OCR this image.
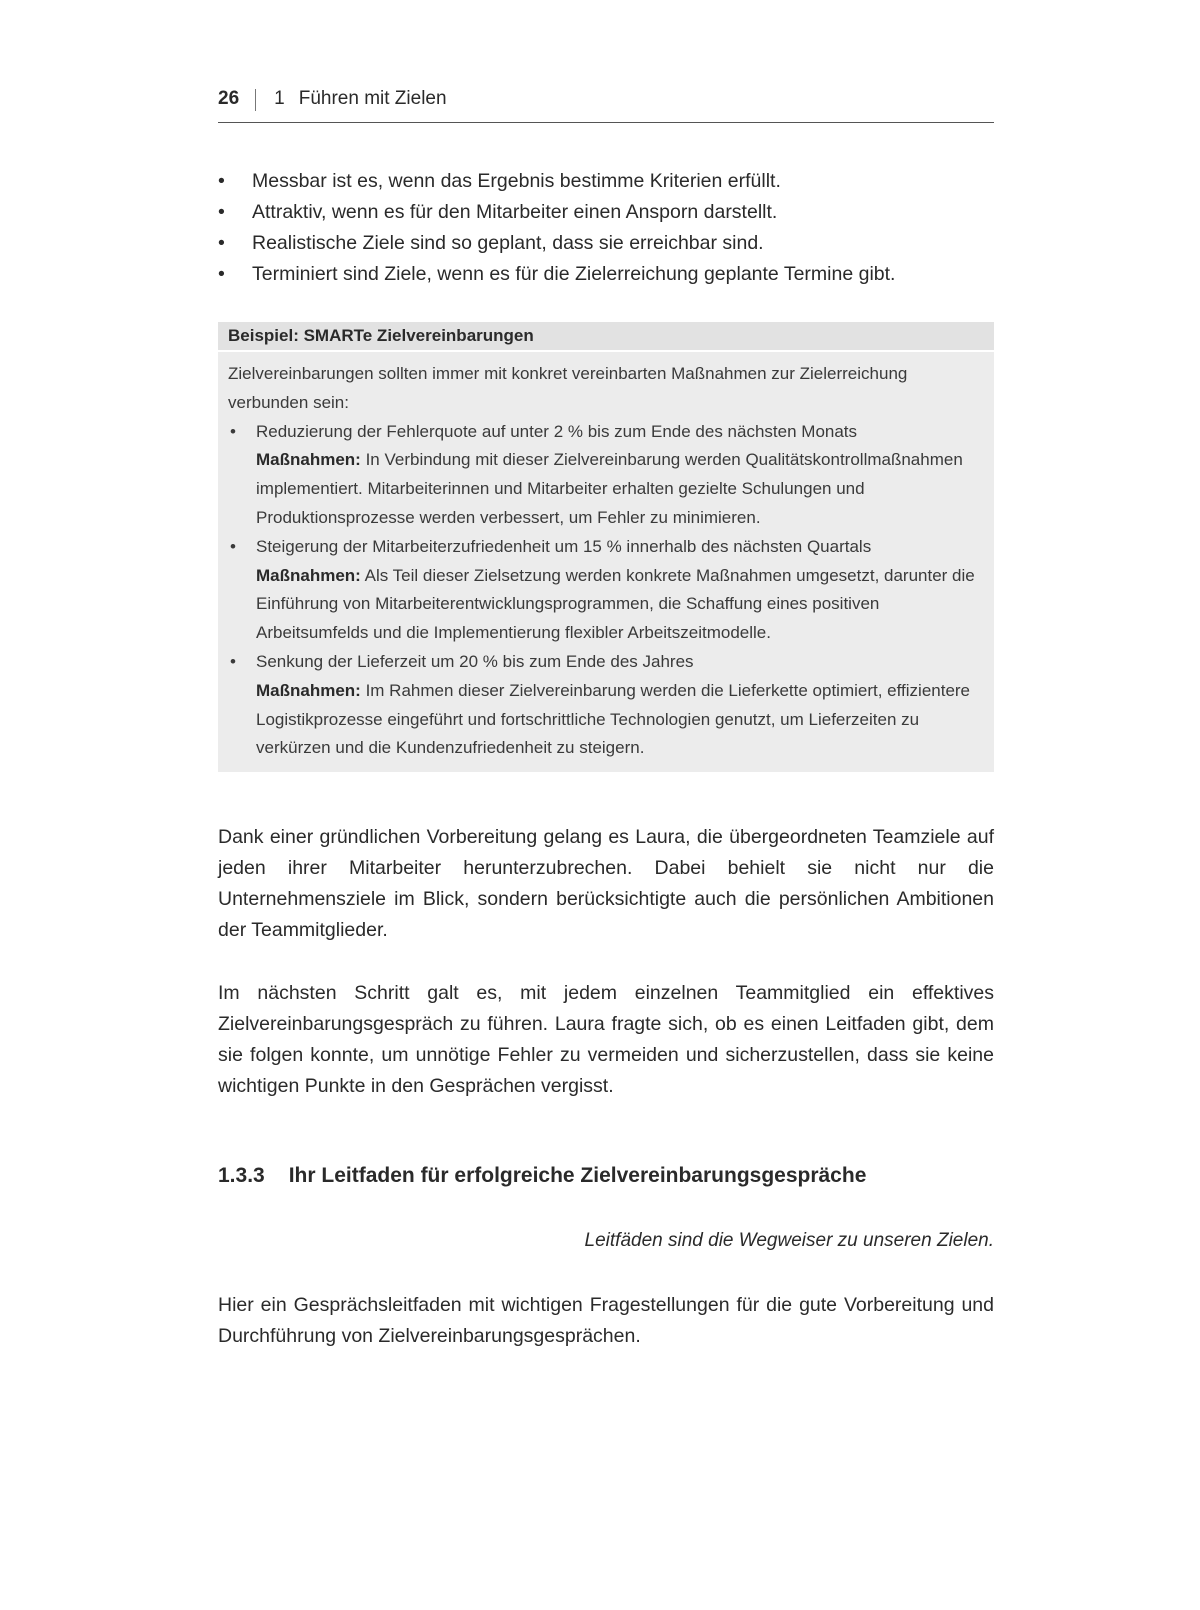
26 1 Führen mit Zielen
• Messbar ist es, wenn das Ergebnis bestimme Kriterien erfüllt.
• Attraktiv, wenn es für den Mitarbeiter einen Ansporn darstellt.
• Realistische Ziele sind so geplant, dass sie erreichbar sind.
• Terminiert sind Ziele, wenn es für die Zielerreichung geplante Termine gibt.
Beispiel: SMARTe Zielvereinbarungen

Zielvereinbarungen sollten immer mit konkret vereinbarten Maßnahmen zur Zielerreichung verbunden sein:

• Reduzierung der Fehlerquote auf unter 2 % bis zum Ende des nächsten Monats

Maßnahmen: In Verbindung mit dieser Zielvereinbarung werden Qualitätskontrollmaßnahmen implementiert. Mitarbeiterinnen und Mitarbeiter erhalten gezielte Schulungen und Produktionsprozesse werden verbessert, um Fehler zu minimieren.

• Steigerung der Mitarbeiterzufriedenheit um 15 % innerhalb des nächsten Quartals

Maßnahmen: Als Teil dieser Zielsetzung werden konkrete Maßnahmen umgesetzt, darunter die Einführung von Mitarbeiterentwicklungsprogrammen, die Schaffung eines positiven Arbeitsumfelds und die Implementierung flexibler Arbeitszeitmodelle.

• Senkung der Lieferzeit um 20 % bis zum Ende des Jahres

Maßnahmen: Im Rahmen dieser Zielvereinbarung werden die Lieferkette optimiert, effizientere Logistikprozesse eingeführt und fortschrittliche Technologien genutzt, um Lieferzeiten zu verkürzen und die Kundenzufriedenheit zu steigern.

Dank einer gründlichen Vorbereitung gelang es Laura, die übergeordneten Teamziele auf jeden ihrer Mitarbeiter herunterzubrechen. Dabei behielt sie nicht nur die Unternehmensziele im Blick, sondern berücksichtigte auch die persönlichen Ambitionen der Teammitglieder.

Im nächsten Schritt galt es, mit jedem einzelnen Teammitglied ein effektives Zielvereinbarungsgespräch zu führen. Laura fragte sich, ob es einen Leitfaden gibt, dem sie folgen konnte, um unnötige Fehler zu vermeiden und sicherzustellen, dass sie keine wichtigen Punkte in den Gesprächen vergisst.

1.3.3 Ihr Leitfaden für erfolgreiche Zielvereinbarungsgespräche

Leitfäden sind die Wegweiser zu unseren Zielen.

Hier ein Gesprächsleitfaden mit wichtigen Fragestellungen für die gute Vorbereitung und Durchführung von Zielvereinbarungsgesprächen.
